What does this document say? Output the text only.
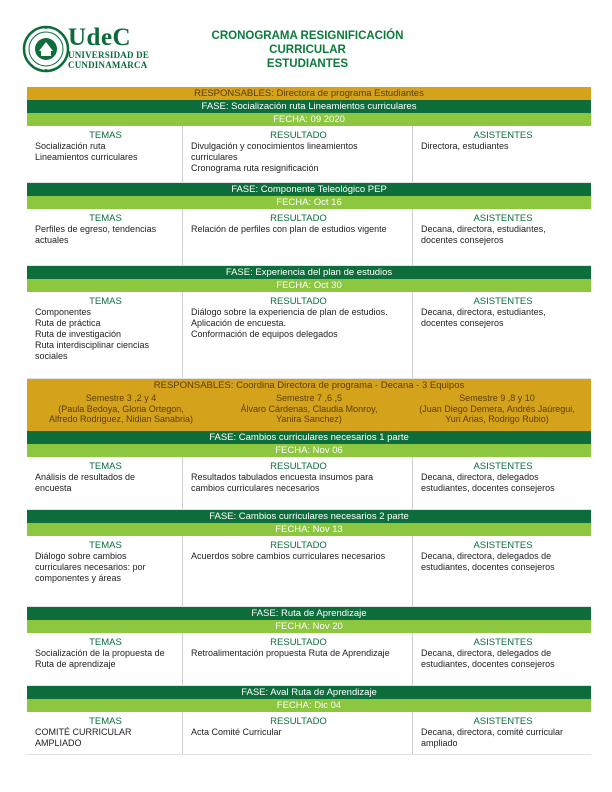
UdeC
UNIVERSIDAD DE
CUNDINAMARCA
CRONOGRAMA RESIGNIFICACIÓN
CURRICULAR
ESTUDIANTES
RESPONSABLES: Directora de programa Estudiantes
FASE: Socialización ruta Lineamientos curriculares
FECHA: 09 2020
TEMAS
Socialización ruta
Lineamientos curriculares
RESULTADO
Divulgación y conocimientos lineamientos
curriculares
Cronograma ruta resignificación
ASISTENTES
Directora, estudiantes
FASE: Componente Teleológico PEP
FECHA: Oct 16
TEMAS
Perfiles de egreso, tendencias
actuales
RESULTADO
Relación de perfiles con plan de estudios vigente
ASISTENTES
Decana, directora, estudiantes,
docentes consejeros
FASE: Experiencia del plan de estudios
FECHA: Oct 30
TEMAS
Componentes
Ruta de práctica
Ruta de investigación
Ruta interdisciplinar ciencias
sociales
RESULTADO
Diálogo sobre la experiencia de plan de estudios.
Aplicación de encuesta.
Conformación de equipos delegados
ASISTENTES
Decana, directora, estudiantes,
docentes consejeros
RESPONSABLES: Coordina Directora de programa - Decana - 3 Equipos
Semestre 3 ,2 y 4
(Paula Bedoya, Gloria Ortegon,
Alfredo Rodriguez, Nidian Sanabria)
Semestre 7 ,6 ,5
Álvaro Cárdenas, Claudia Monroy,
Yanira Sanchez)
Semestre 9 ,8 y 10
(Juan Diego Demera, Andrés Jaúregui,
Yuri Arias, Rodrigo Rubio)
FASE: Cambios curriculares necesarios 1 parte
FECHA: Nov 06
TEMAS
Análisis de resultados de
encuesta
RESULTADO
Resultados tabulados encuesta insumos para
cambios curriculares necesarios
ASISTENTES
Decana, directora, delegados
estudiantes, docentes consejeros
FASE: Cambios curriculares necesarios 2 parte
FECHA: Nov 13
TEMAS
Diálogo sobre cambios
curriculares necesarios: por
componentes y áreas
RESULTADO
Acuerdos sobre cambios curriculares necesarios
ASISTENTES
Decana, directora, delegados de
estudiantes, docentes consejeros
FASE: Ruta de Aprendizaje
FECHA: Nov 20
TEMAS
Socialización de la propuesta de
Ruta de aprendizaje
RESULTADO
Retroalimentación propuesta Ruta de Aprendizaje
ASISTENTES
Decana, directora, delegados de
estudiantes, docentes consejeros
FASE: Aval Ruta de Aprendizaje
FECHA: Dic 04
TEMAS
COMITÉ CURRICULAR
AMPLIADO
RESULTADO
Acta Comité Curricular
ASISTENTES
Decana, directora, comité curricular
ampliado
